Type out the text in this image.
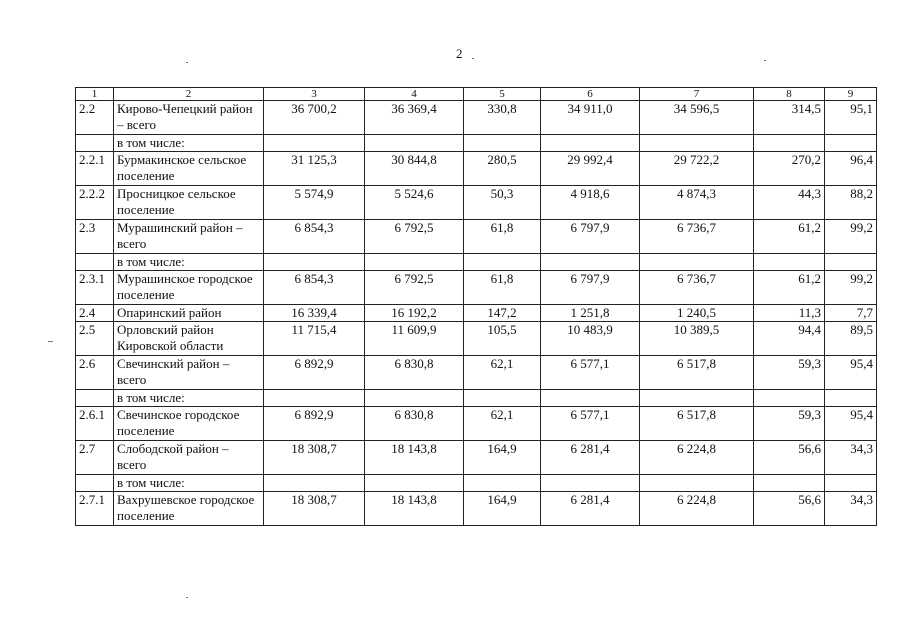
2
1	2	3	4	5	6	7	8	9
2.2	Кирово-Чепецкий район – всего	36 700,2	36 369,4	330,8	34 911,0	34 596,5	314,5	95,1
	в том числе:							
2.2.1	Бурмакинское сельское поселение	31 125,3	30 844,8	280,5	29 992,4	29 722,2	270,2	96,4
2.2.2	Просницкое сельское поселение	5 574,9	5 524,6	50,3	4 918,6	4 874,3	44,3	88,2
2.3	Мурашинский район – всего	6 854,3	6 792,5	61,8	6 797,9	6 736,7	61,2	99,2
	в том числе:							
2.3.1	Мурашинское городское поселение	6 854,3	6 792,5	61,8	6 797,9	6 736,7	61,2	99,2
2.4	Опаринский район	16 339,4	16 192,2	147,2	1 251,8	1 240,5	11,3	7,7
2.5	Орловский район Кировской области	11 715,4	11 609,9	105,5	10 483,9	10 389,5	94,4	89,5
2.6	Свечинский район – всего	6 892,9	6 830,8	62,1	6 577,1	6 517,8	59,3	95,4
	в том числе:							
2.6.1	Свечинское городское поселение	6 892,9	6 830,8	62,1	6 577,1	6 517,8	59,3	95,4
2.7	Слободской район – всего	18 308,7	18 143,8	164,9	6 281,4	6 224,8	56,6	34,3
	в том числе:							
2.7.1	Вахрушевское городское поселение	18 308,7	18 143,8	164,9	6 281,4	6 224,8	56,6	34,3
